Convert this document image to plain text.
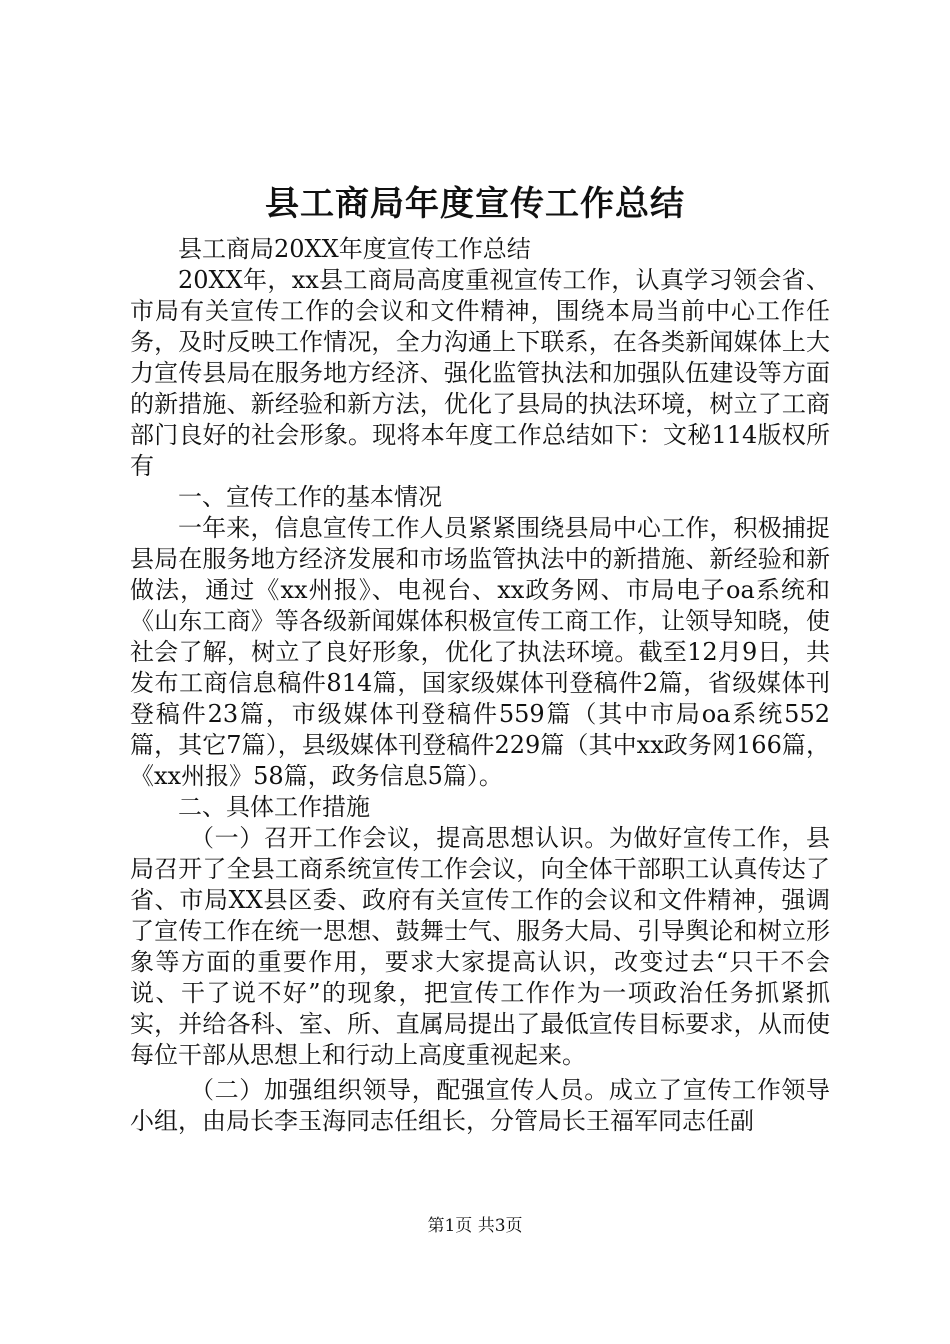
县工商局年度宣传工作总结

县工商局20XX年度宣传工作总结

20XX年，xx县工商局高度重视宣传工作，认真学习领会省、市局有关宣传工作的会议和文件精神，围绕本局当前中心工作任务，及时反映工作情况，全力沟通上下联系，在各类新闻媒体上大力宣传县局在服务地方经济、强化监管执法和加强队伍建设等方面的新措施、新经验和新方法，优化了县局的执法环境，树立了工商部门良好的社会形象。现将本年度工作总结如下：文秘114版权所有

一、宣传工作的基本情况

一年来，信息宣传工作人员紧紧围绕县局中心工作，积极捕捉县局在服务地方经济发展和市场监管执法中的新措施、新经验和新做法，通过《xx州报》、电视台、xx政务网、市局电子oa系统和《山东工商》等各级新闻媒体积极宣传工商工作，让领导知晓，使社会了解，树立了良好形象，优化了执法环境。截至12月9日，共发布工商信息稿件814篇，国家级媒体刊登稿件2篇，省级媒体刊登稿件23篇，市级媒体刊登稿件559篇（其中市局oa系统552篇，其它7篇），县级媒体刊登稿件229篇（其中xx政务网166篇，《xx州报》58篇，政务信息5篇）。

二、具体工作措施

（一）召开工作会议，提高思想认识。为做好宣传工作，县局召开了全县工商系统宣传工作会议，向全体干部职工认真传达了省、市局XX县区委、政府有关宣传工作的会议和文件精神，强调了宣传工作在统一思想、鼓舞士气、服务大局、引导舆论和树立形象等方面的重要作用，要求大家提高认识，改变过去“只干不会说、干了说不好”的现象，把宣传工作作为一项政治任务抓紧抓实，并给各科、室、所、直属局提出了最低宣传目标要求，从而使每位干部从思想上和行动上高度重视起来。

（二）加强组织领导，配强宣传人员。成立了宣传工作领导小组，由局长李玉海同志任组长，分管局长王福军同志任副

第1页 共3页
